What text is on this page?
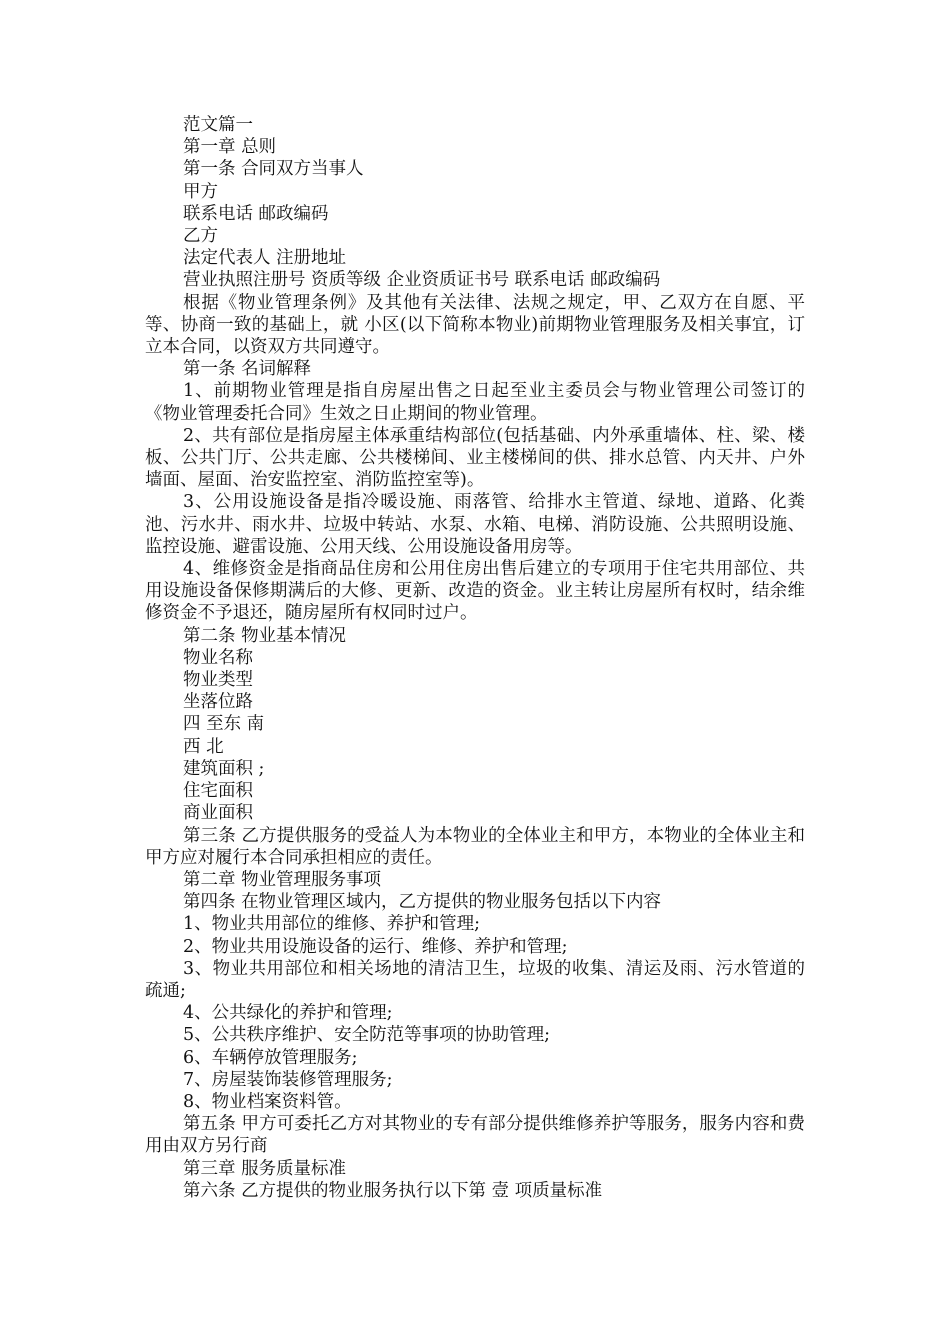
范文篇一
第一章 总则
第一条 合同双方当事人
甲方
联系电话 邮政编码
乙方
法定代表人 注册地址
营业执照注册号 资质等级 企业资质证书号 联系电话 邮政编码
根据《物业管理条例》及其他有关法律、法规之规定，甲、乙双方在自愿、平等、协商一致的基础上，就 小区(以下简称本物业)前期物业管理服务及相关事宜，订立本合同，以资双方共同遵守。
第一条 名词解释
1、前期物业管理是指自房屋出售之日起至业主委员会与物业管理公司签订的《物业管理委托合同》生效之日止期间的物业管理。
2、共有部位是指房屋主体承重结构部位(包括基础、内外承重墙体、柱、梁、楼板、公共门厅、公共走廊、公共楼梯间、业主楼梯间的供、排水总管、内天井、户外墙面、屋面、治安监控室、消防监控室等)。
3、公用设施设备是指冷暖设施、雨落管、给排水主管道、绿地、道路、化粪池、污水井、雨水井、垃圾中转站、水泵、水箱、电梯、消防设施、公共照明设施、监控设施、避雷设施、公用天线、公用设施设备用房等。
4、维修资金是指商品住房和公用住房出售后建立的专项用于住宅共用部位、共用设施设备保修期满后的大修、更新、改造的资金。业主转让房屋所有权时，结余维修资金不予退还，随房屋所有权同时过户。
第二条 物业基本情况
物业名称
物业类型
坐落位路
四 至东 南
西 北
建筑面积 ;
住宅面积
商业面积
第三条 乙方提供服务的受益人为本物业的全体业主和甲方，本物业的全体业主和甲方应对履行本合同承担相应的责任。
第二章 物业管理服务事项
第四条 在物业管理区域内，乙方提供的物业服务包括以下内容
1、物业共用部位的维修、养护和管理;
2、物业共用设施设备的运行、维修、养护和管理;
3、物业共用部位和相关场地的清洁卫生，垃圾的收集、清运及雨、污水管道的疏通;
4、公共绿化的养护和管理;
5、公共秩序维护、安全防范等事项的协助管理;
6、车辆停放管理服务;
7、房屋装饰装修管理服务;
8、物业档案资料管。
第五条 甲方可委托乙方对其物业的专有部分提供维修养护等服务，服务内容和费用由双方另行商
第三章 服务质量标准
第六条 乙方提供的物业服务执行以下第 壹 项质量标准
